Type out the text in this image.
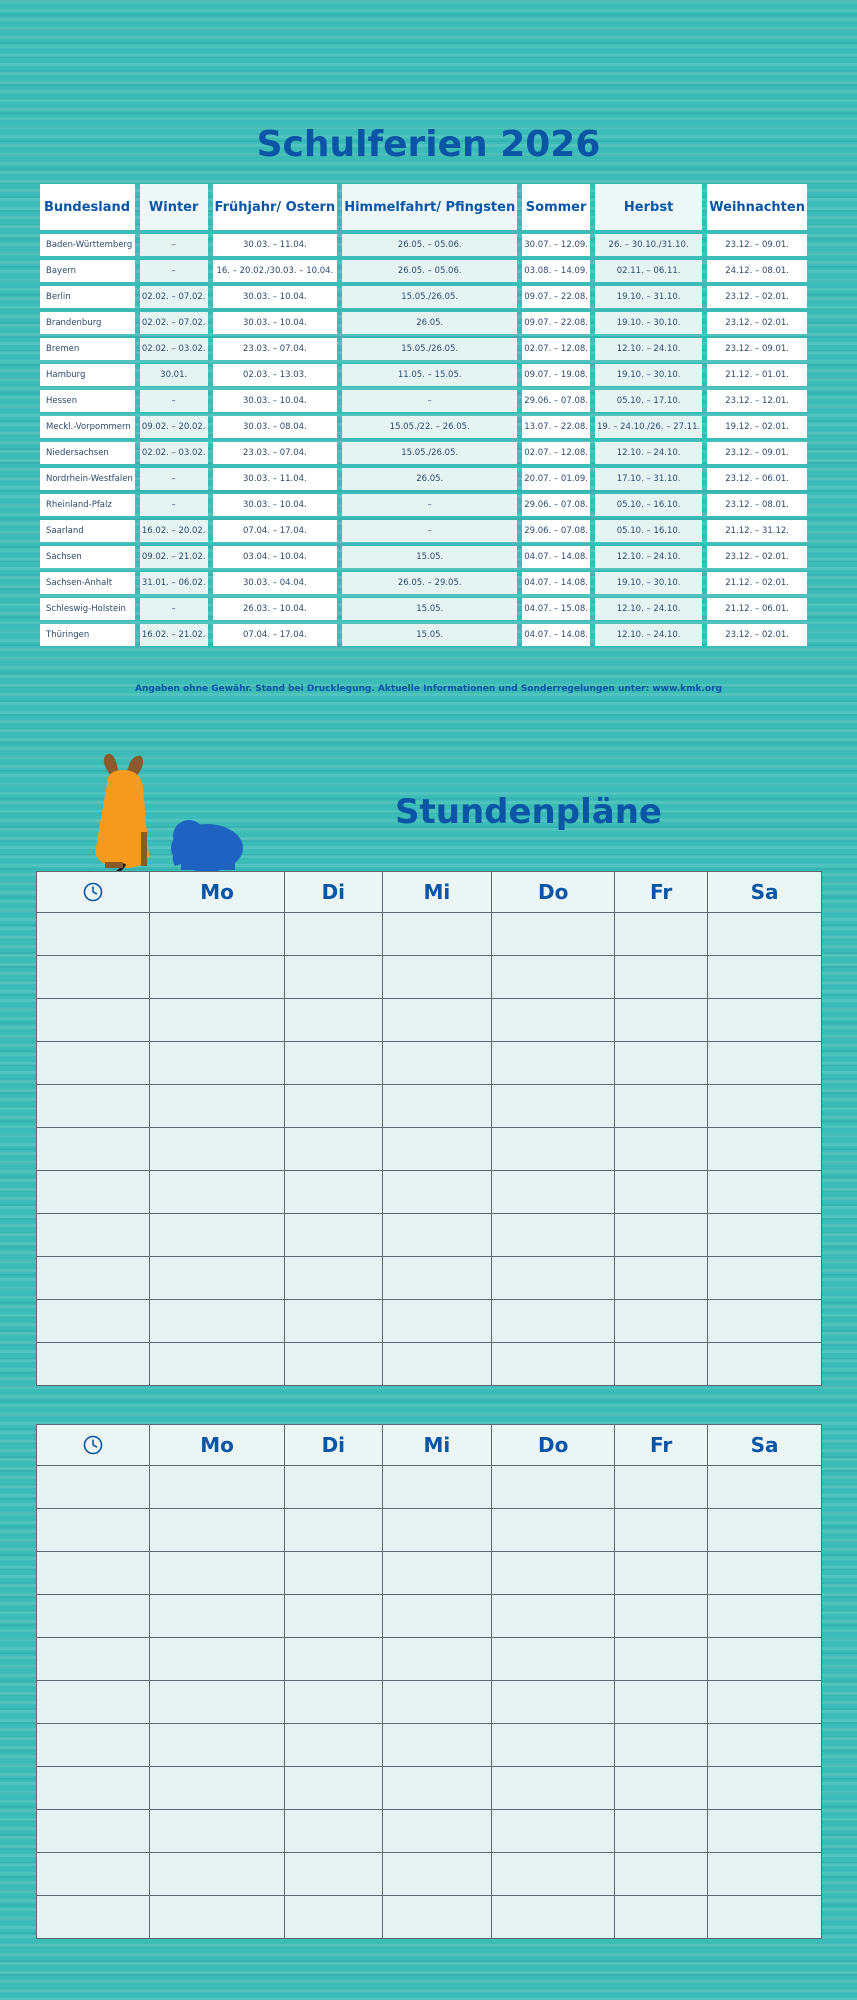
Schulferien 2026
Bundesland	Winter	Frühjahr/ Ostern	Himmelfahrt/ Pfingsten	Sommer	Herbst	Weihnachten
Baden-Württemberg	–	30.03. – 11.04.	26.05. – 05.06.	30.07. – 12.09.	26. – 30.10./31.10.	23.12. – 09.01.
Bayern	–	16. – 20.02./30.03. – 10.04.	26.05. – 05.06.	03.08. – 14.09.	02.11. – 06.11.	24.12. – 08.01.
Berlin	02.02. – 07.02.	30.03. – 10.04.	15.05./26.05.	09.07. – 22.08.	19.10. – 31.10.	23.12. – 02.01.
Brandenburg	02.02. – 07.02.	30.03. – 10.04.	26.05.	09.07. – 22.08.	19.10. – 30.10.	23.12. – 02.01.
Bremen	02.02. – 03.02.	23.03. – 07.04.	15.05./26.05.	02.07. – 12.08.	12.10. – 24.10.	23.12. – 09.01.
Hamburg	30.01.	02.03. – 13.03.	11.05. – 15.05.	09.07. – 19.08.	19.10. – 30.10.	21.12. – 01.01.
Hessen	–	30.03. – 10.04.	–	29.06. – 07.08.	05.10. – 17.10.	23.12. – 12.01.
Meckl.-Vorpommern	09.02. – 20.02.	30.03. – 08.04.	15.05./22. – 26.05.	13.07. – 22.08.	19. – 24.10./26. – 27.11.	19.12. – 02.01.
Niedersachsen	02.02. – 03.02.	23.03. – 07.04.	15.05./26.05.	02.07. – 12.08.	12.10. – 24.10.	23.12. – 09.01.
Nordrhein-Westfalen	–	30.03. – 11.04.	26.05.	20.07. – 01.09.	17.10. – 31.10.	23.12. – 06.01.
Rheinland-Pfalz	–	30.03. – 10.04.	–	29.06. – 07.08.	05.10. – 16.10.	23.12. – 08.01.
Saarland	16.02. – 20.02.	07.04. – 17.04.	–	29.06. – 07.08.	05.10. – 16.10.	21.12. – 31.12.
Sachsen	09.02. – 21.02.	03.04. – 10.04.	15.05.	04.07. – 14.08.	12.10. – 24.10.	23.12. – 02.01.
Sachsen-Anhalt	31.01. – 06.02.	30.03. – 04.04.	26.05. – 29.05.	04.07. – 14.08.	19.10. – 30.10.	21.12. – 02.01.
Schleswig-Holstein	–	26.03. – 10.04.	15.05.	04.07. – 15.08.	12.10. – 24.10.	21.12. – 06.01.
Thüringen	16.02. – 21.02.	07.04. – 17.04.	15.05.	04.07. – 14.08.	12.10. – 24.10.	23.12. – 02.01.
Angaben ohne Gewähr. Stand bei Drucklegung. Aktuelle Informationen und Sonderregelungen unter: www.kmk.org
Stundenpläne
	Mo	Di	Mi	Do	Fr	Sa

	Mo	Di	Mi	Do	Fr	Sa
